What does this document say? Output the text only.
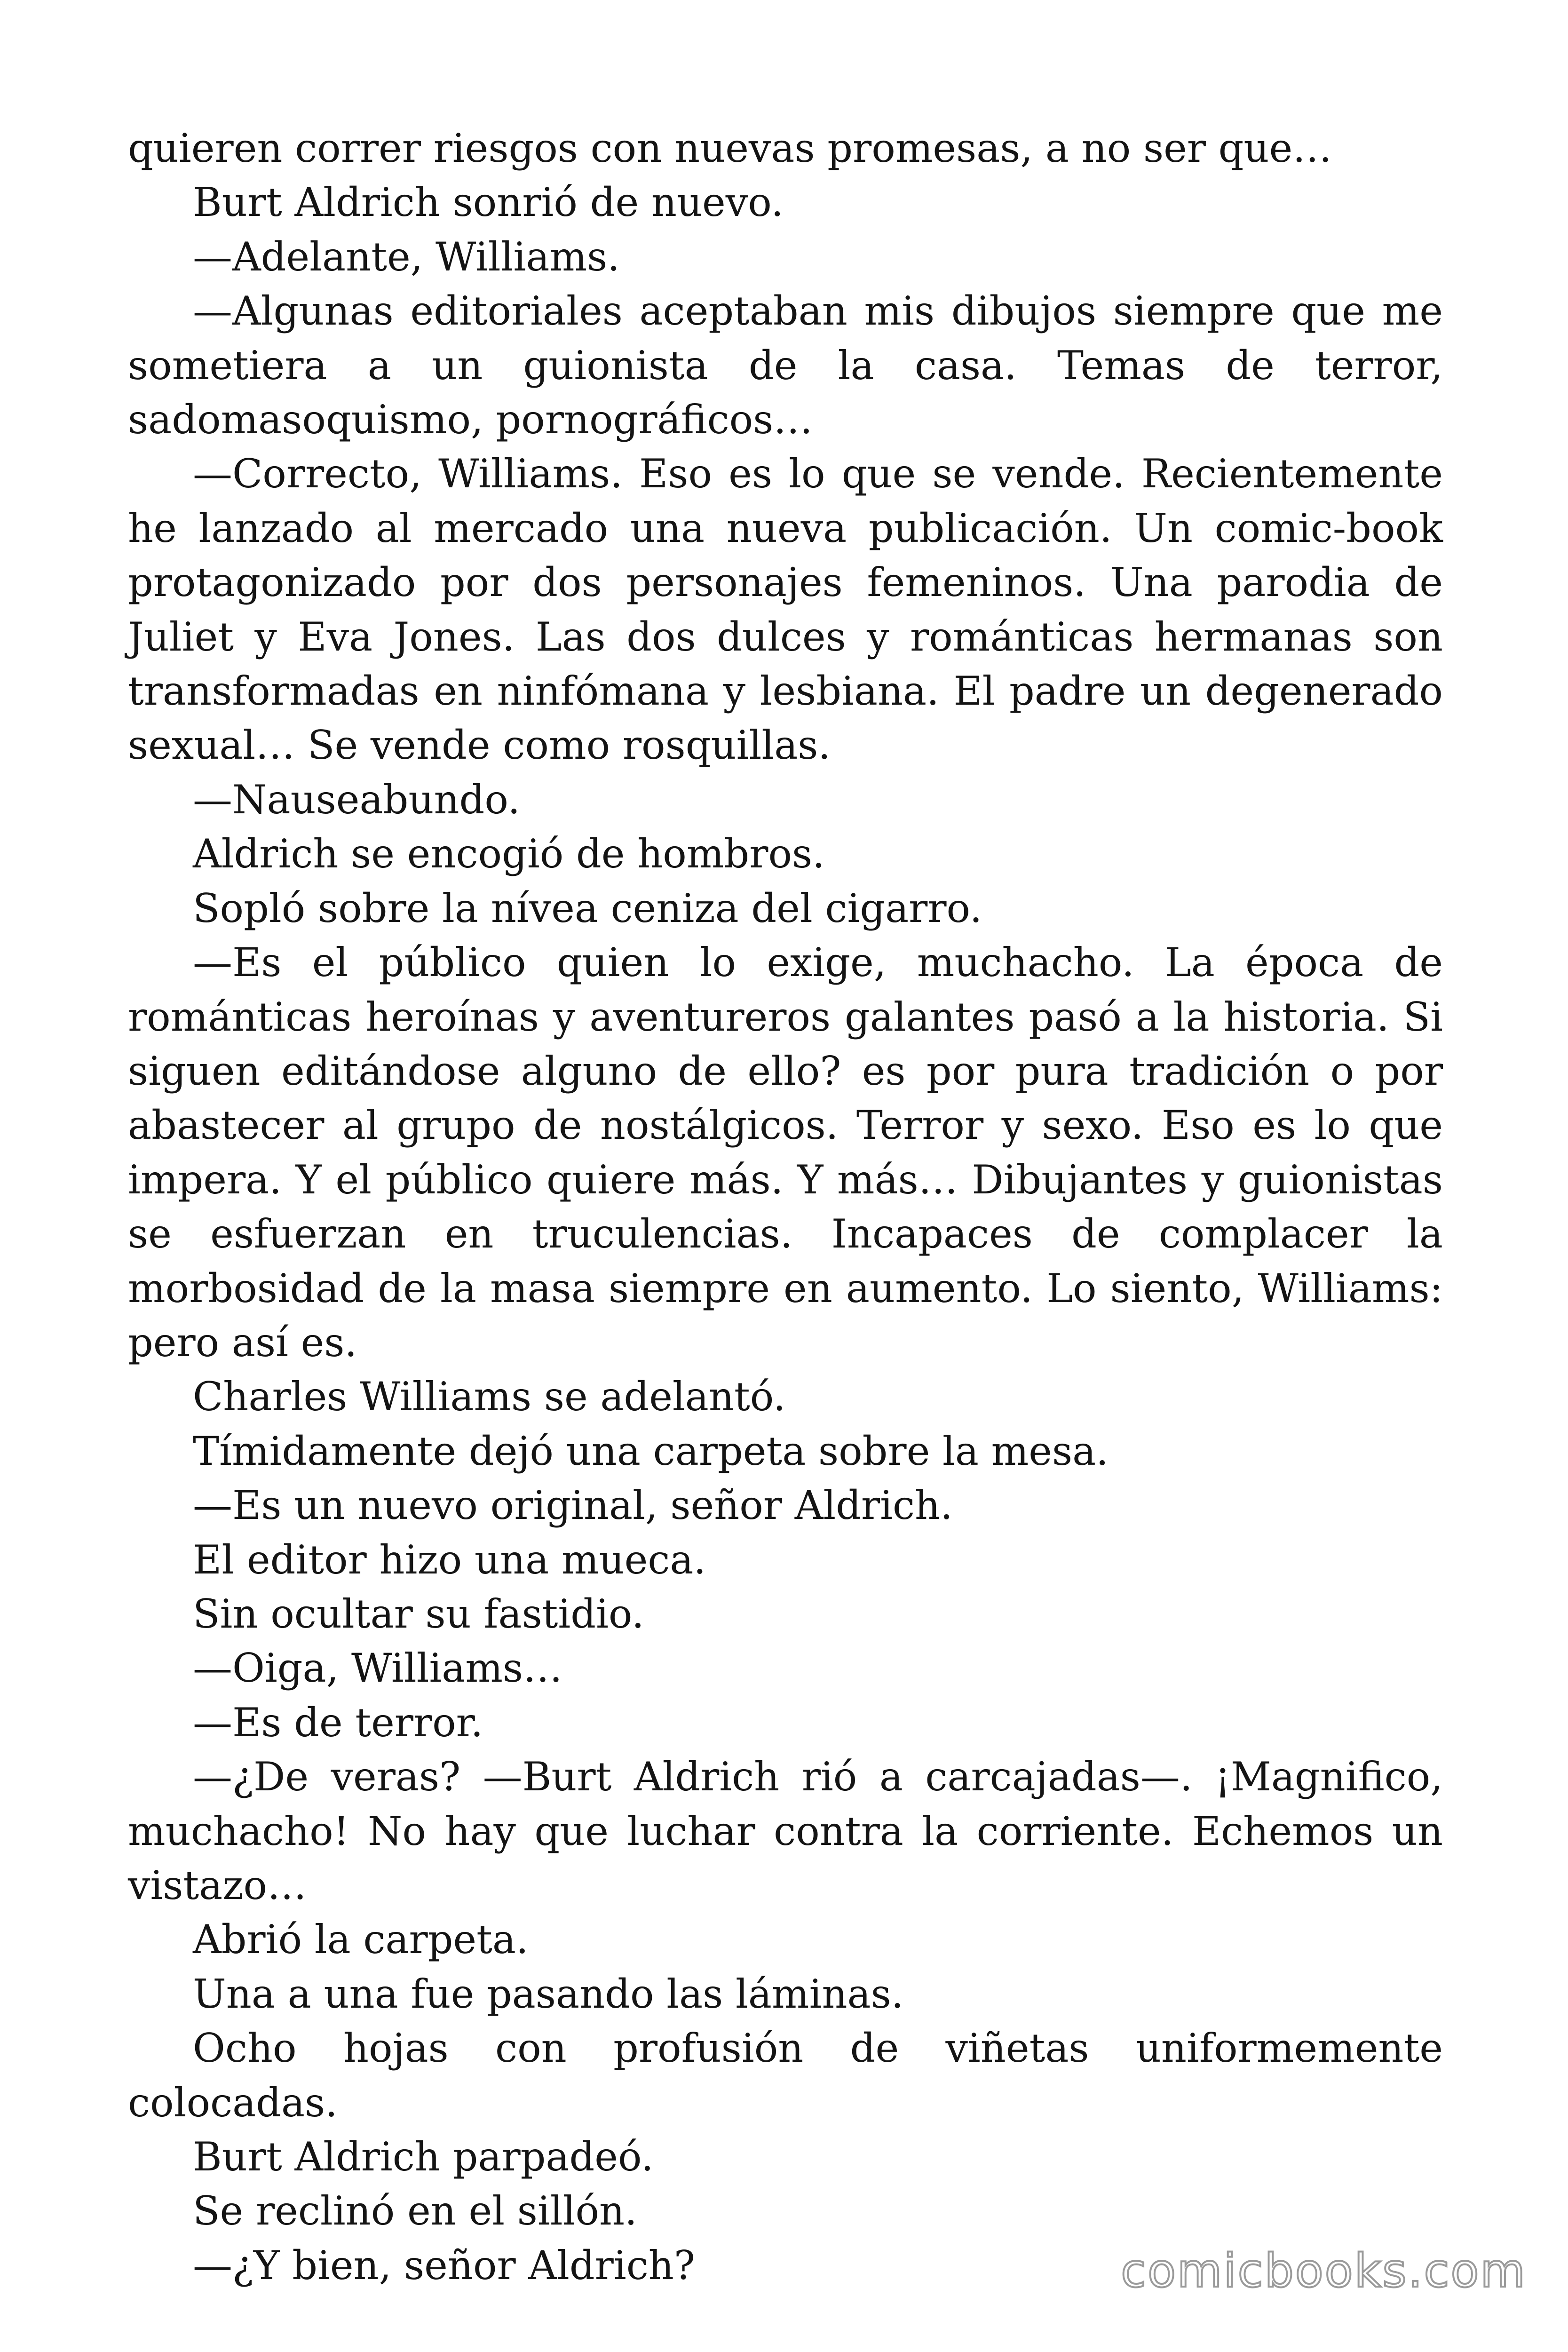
quieren correr riesgos con nuevas promesas, a no ser que…

Burt Aldrich sonrió de nuevo.

—Adelante, Williams.

—Algunas editoriales aceptaban mis dibujos siempre que me sometiera a un guionista de la casa. Temas de terror, sadomasoquismo, pornográficos…

—Correcto, Williams. Eso es lo que se vende. Recientemente he lanzado al mercado una nueva publicación. Un comic-book protagonizado por dos personajes femeninos. Una parodia de Juliet y Eva Jones. Las dos dulces y románticas hermanas son transformadas en ninfómana y lesbiana. El padre un degenerado sexual… Se vende como rosquillas.

—Nauseabundo.

Aldrich se encogió de hombros.

Sopló sobre la nívea ceniza del cigarro.

—Es el público quien lo exige, muchacho. La época de románticas heroínas y aventureros galantes pasó a la historia. Si siguen editándose alguno de ello? es por pura tradición o por abastecer al grupo de nostálgicos. Terror y sexo. Eso es lo que impera. Y el público quiere más. Y más… Dibujantes y guionistas se esfuerzan en truculencias. Incapaces de complacer la morbosidad de la masa siempre en aumento. Lo siento, Williams: pero así es.

Charles Williams se adelantó.

Tímidamente dejó una carpeta sobre la mesa.

—Es un nuevo original, señor Aldrich.

El editor hizo una mueca.

Sin ocultar su fastidio.

—Oiga, Williams…

—Es de terror.

—¿De veras? —Burt Aldrich rió a carcajadas—. ¡Magnifico, muchacho! No hay que luchar contra la corriente. Echemos un vistazo…

Abrió la carpeta.

Una a una fue pasando las láminas.

Ocho hojas con profusión de viñetas uniformemente colocadas.

Burt Aldrich parpadeó.

Se reclinó en el sillón.

—¿Y bien, señor Aldrich?	comicbooks.com
